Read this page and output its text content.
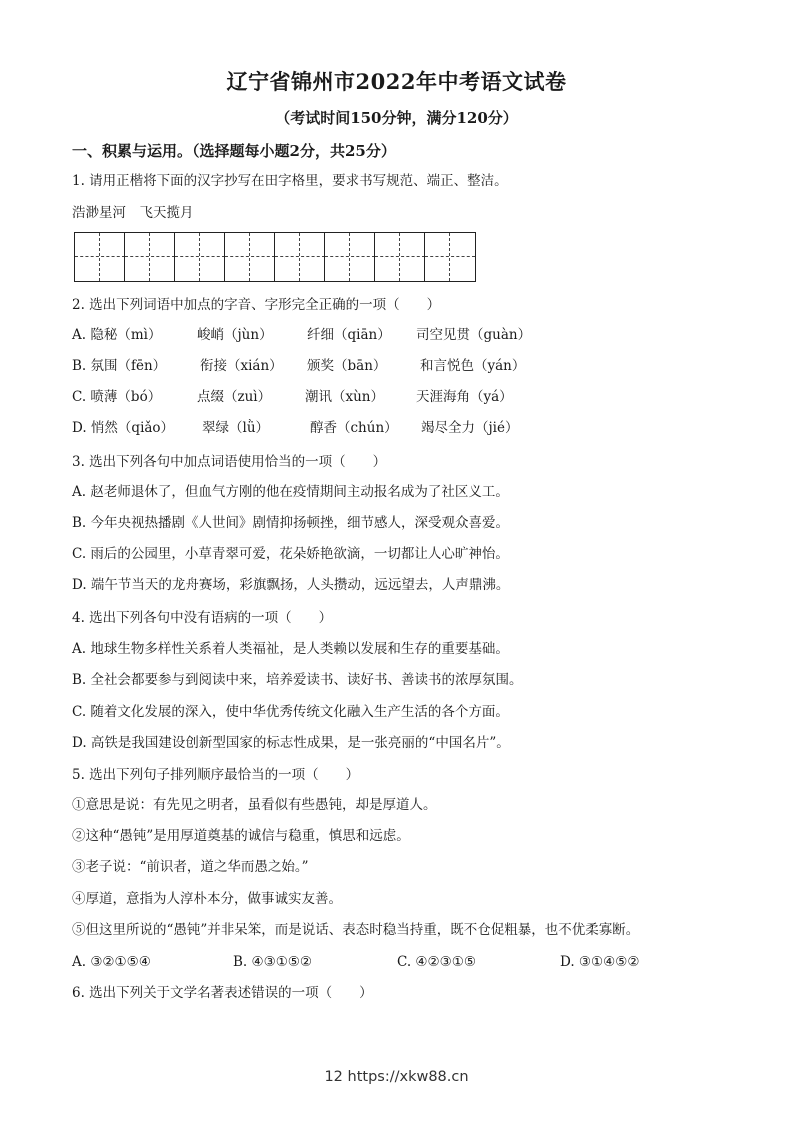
辽宁省锦州市2022年中考语文试卷
（考试时间150分钟，满分120分）
一、积累与运用。（选择题每小题2分，共25分）
1. 请用正楷将下面的汉字抄写在田字格里，要求书写规范、端正、整洁。
浩渺星河　飞天揽月
2. 选出下列词语中加点的字音、字形完全正确的一项（　　）
A. 隐秘（mì）	峻峭（jùn）	纤细（qiān） 司空见贯（guàn）
B. 氛围（fēn）	衔接（xián） 颁奖（bān） 和言悦色（yán）
C. 喷薄（bó）	点缀（zuì）	潮讯（xùn） 天涯海角（yá）
D. 悄然（qiǎo） 翠绿（lǜ）	醇香（chún） 竭尽全力（jié）
3. 选出下列各句中加点词语使用恰当的一项（　　）
A. 赵老师退休了，但血气方刚的他在疫情期间主动报名成为了社区义工。
B. 今年央视热播剧《人世间》剧情抑扬顿挫，细节感人，深受观众喜爱。
C. 雨后的公园里，小草青翠可爱，花朵娇艳欲滴，一切都让人心旷神怡。
D. 端午节当天的龙舟赛场，彩旗飘扬，人头攒动，远远望去，人声鼎沸。
4. 选出下列各句中没有语病的一项（　　）
A. 地球生物多样性关系着人类福祉，是人类赖以发展和生存的重要基础。
B. 全社会都要参与到阅读中来，培养爱读书、读好书、善读书的浓厚氛围。
C. 随着文化发展的深入，使中华优秀传统文化融入生产生活的各个方面。
D. 高铁是我国建设创新型国家的标志性成果，是一张亮丽的“中国名片”。
5. 选出下列句子排列顺序最恰当的一项（　　）
①意思是说：有先见之明者，虽看似有些愚钝，却是厚道人。
②这种“愚钝”是用厚道奠基的诚信与稳重，慎思和远虑。
③老子说：“前识者，道之华而愚之始。”
④厚道，意指为人淳朴本分，做事诚实友善。
⑤但这里所说的“愚钝”并非呆笨，而是说话、表态时稳当持重，既不仓促粗暴，也不优柔寡断。
A. ③②①⑤④	B. ④③①⑤②	C. ④②③①⑤	D. ③①④⑤②
6. 选出下列关于文学名著表述错误的一项（　　）
12 https://xkw88.cn
